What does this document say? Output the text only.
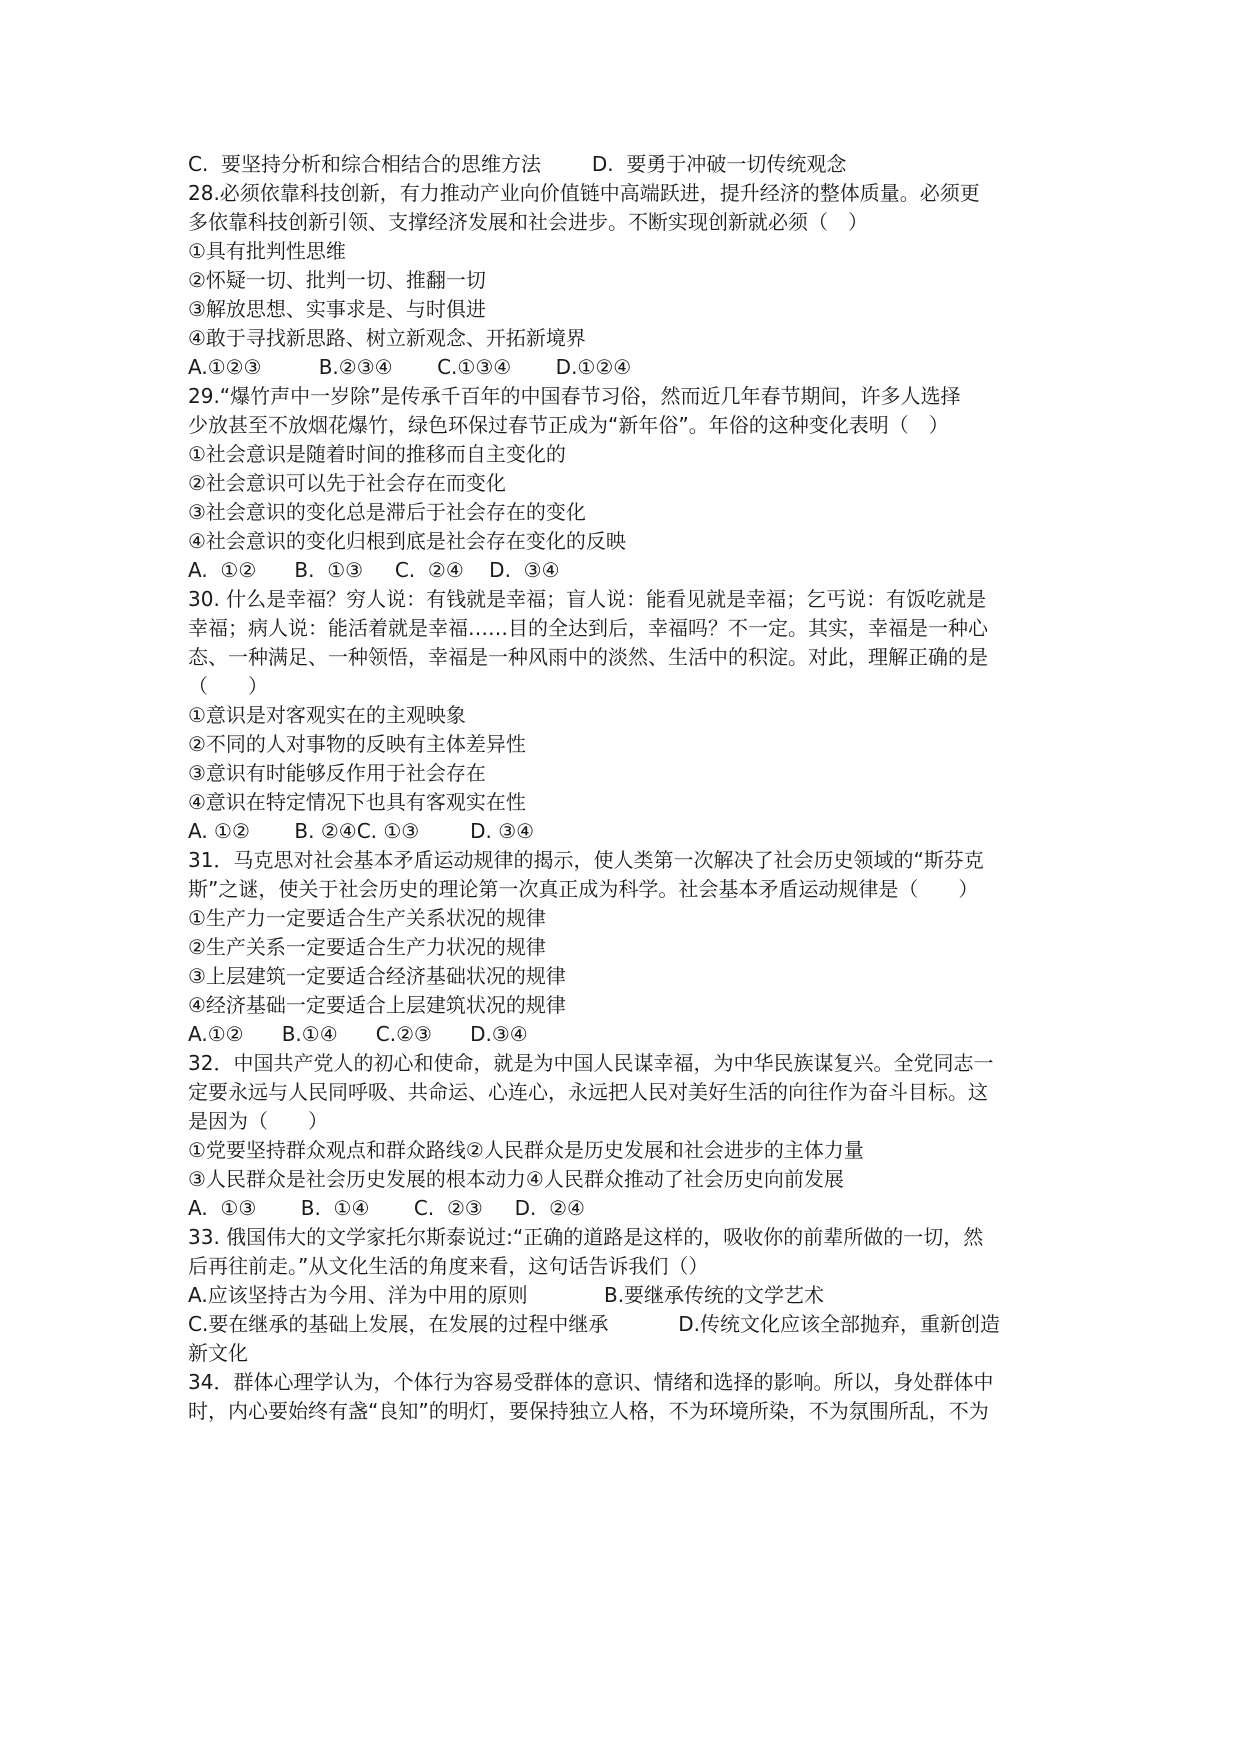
C.  要坚持分析和综合相结合的思维方法        D.  要勇于冲破一切传统观念
28.必须依靠科技创新，有力推动产业向价值链中高端跃进，提升经济的整体质量。必须更
多依靠科技创新引领、支撑经济发展和社会进步。不断实现创新就必须（　）
①具有批判性思维
②怀疑一切、批判一切、推翻一切
③解放思想、实事求是、与时俱进
④敢于寻找新思路、树立新观念、开拓新境界
A.①②③         B.②③④       C.①③④       D.①②④
29.“爆竹声中一岁除”是传承千百年的中国春节习俗，然而近几年春节期间，许多人选择
少放甚至不放烟花爆竹，绿色环保过春节正成为“新年俗”。年俗的这种变化表明（　）
①社会意识是随着时间的推移而自主变化的
②社会意识可以先于社会存在而变化
③社会意识的变化总是滞后于社会存在的变化
④社会意识的变化归根到底是社会存在变化的反映
A.  ①②      B.  ①③     C.  ②④    D.  ③④
30. 什么是幸福？穷人说：有钱就是幸福；盲人说：能看见就是幸福；乞丐说：有饭吃就是
幸福；病人说：能活着就是幸福……目的全达到后，幸福吗？不一定。其实，幸福是一种心
态、一种满足、一种领悟，幸福是一种风雨中的淡然、生活中的积淀。对此，理解正确的是
（　　）
①意识是对客观实在的主观映象
②不同的人对事物的反映有主体差异性
③意识有时能够反作用于社会存在
④意识在特定情况下也具有客观实在性
A. ①②       B. ②④C. ①③        D. ③④
31．马克思对社会基本矛盾运动规律的揭示，使人类第一次解决了社会历史领域的“斯芬克
斯”之谜，使关于社会历史的理论第一次真正成为科学。社会基本矛盾运动规律是（　　）
①生产力一定要适合生产关系状况的规律
②生产关系一定要适合生产力状况的规律
③上层建筑一定要适合经济基础状况的规律
④经济基础一定要适合上层建筑状况的规律
A.①②      B.①④      C.②③      D.③④
32．中国共产党人的初心和使命，就是为中国人民谋幸福，为中华民族谋复兴。全党同志一
定要永远与人民同呼吸、共命运、心连心，永远把人民对美好生活的向往作为奋斗目标。这
是因为（　　）
①党要坚持群众观点和群众路线②人民群众是历史发展和社会进步的主体力量
③人民群众是社会历史发展的根本动力④人民群众推动了社会历史向前发展
A.  ①③       B.  ①④       C.  ②③     D.  ②④
33. 俄国伟大的文学家托尔斯泰说过:“正确的道路是这样的，吸收你的前辈所做的一切，然
后再往前走。”从文化生活的角度来看，这句话告诉我们（）
A.应该坚持古为今用、洋为中用的原则            B.要继承传统的文学艺术
C.要在继承的基础上发展，在发展的过程中继承           D.传统文化应该全部抛弃，重新创造
新文化
34．群体心理学认为，个体行为容易受群体的意识、情绪和选择的影响。所以，身处群体中
时，内心要始终有盏“良知”的明灯，要保持独立人格，不为环境所染，不为氛围所乱，不为
